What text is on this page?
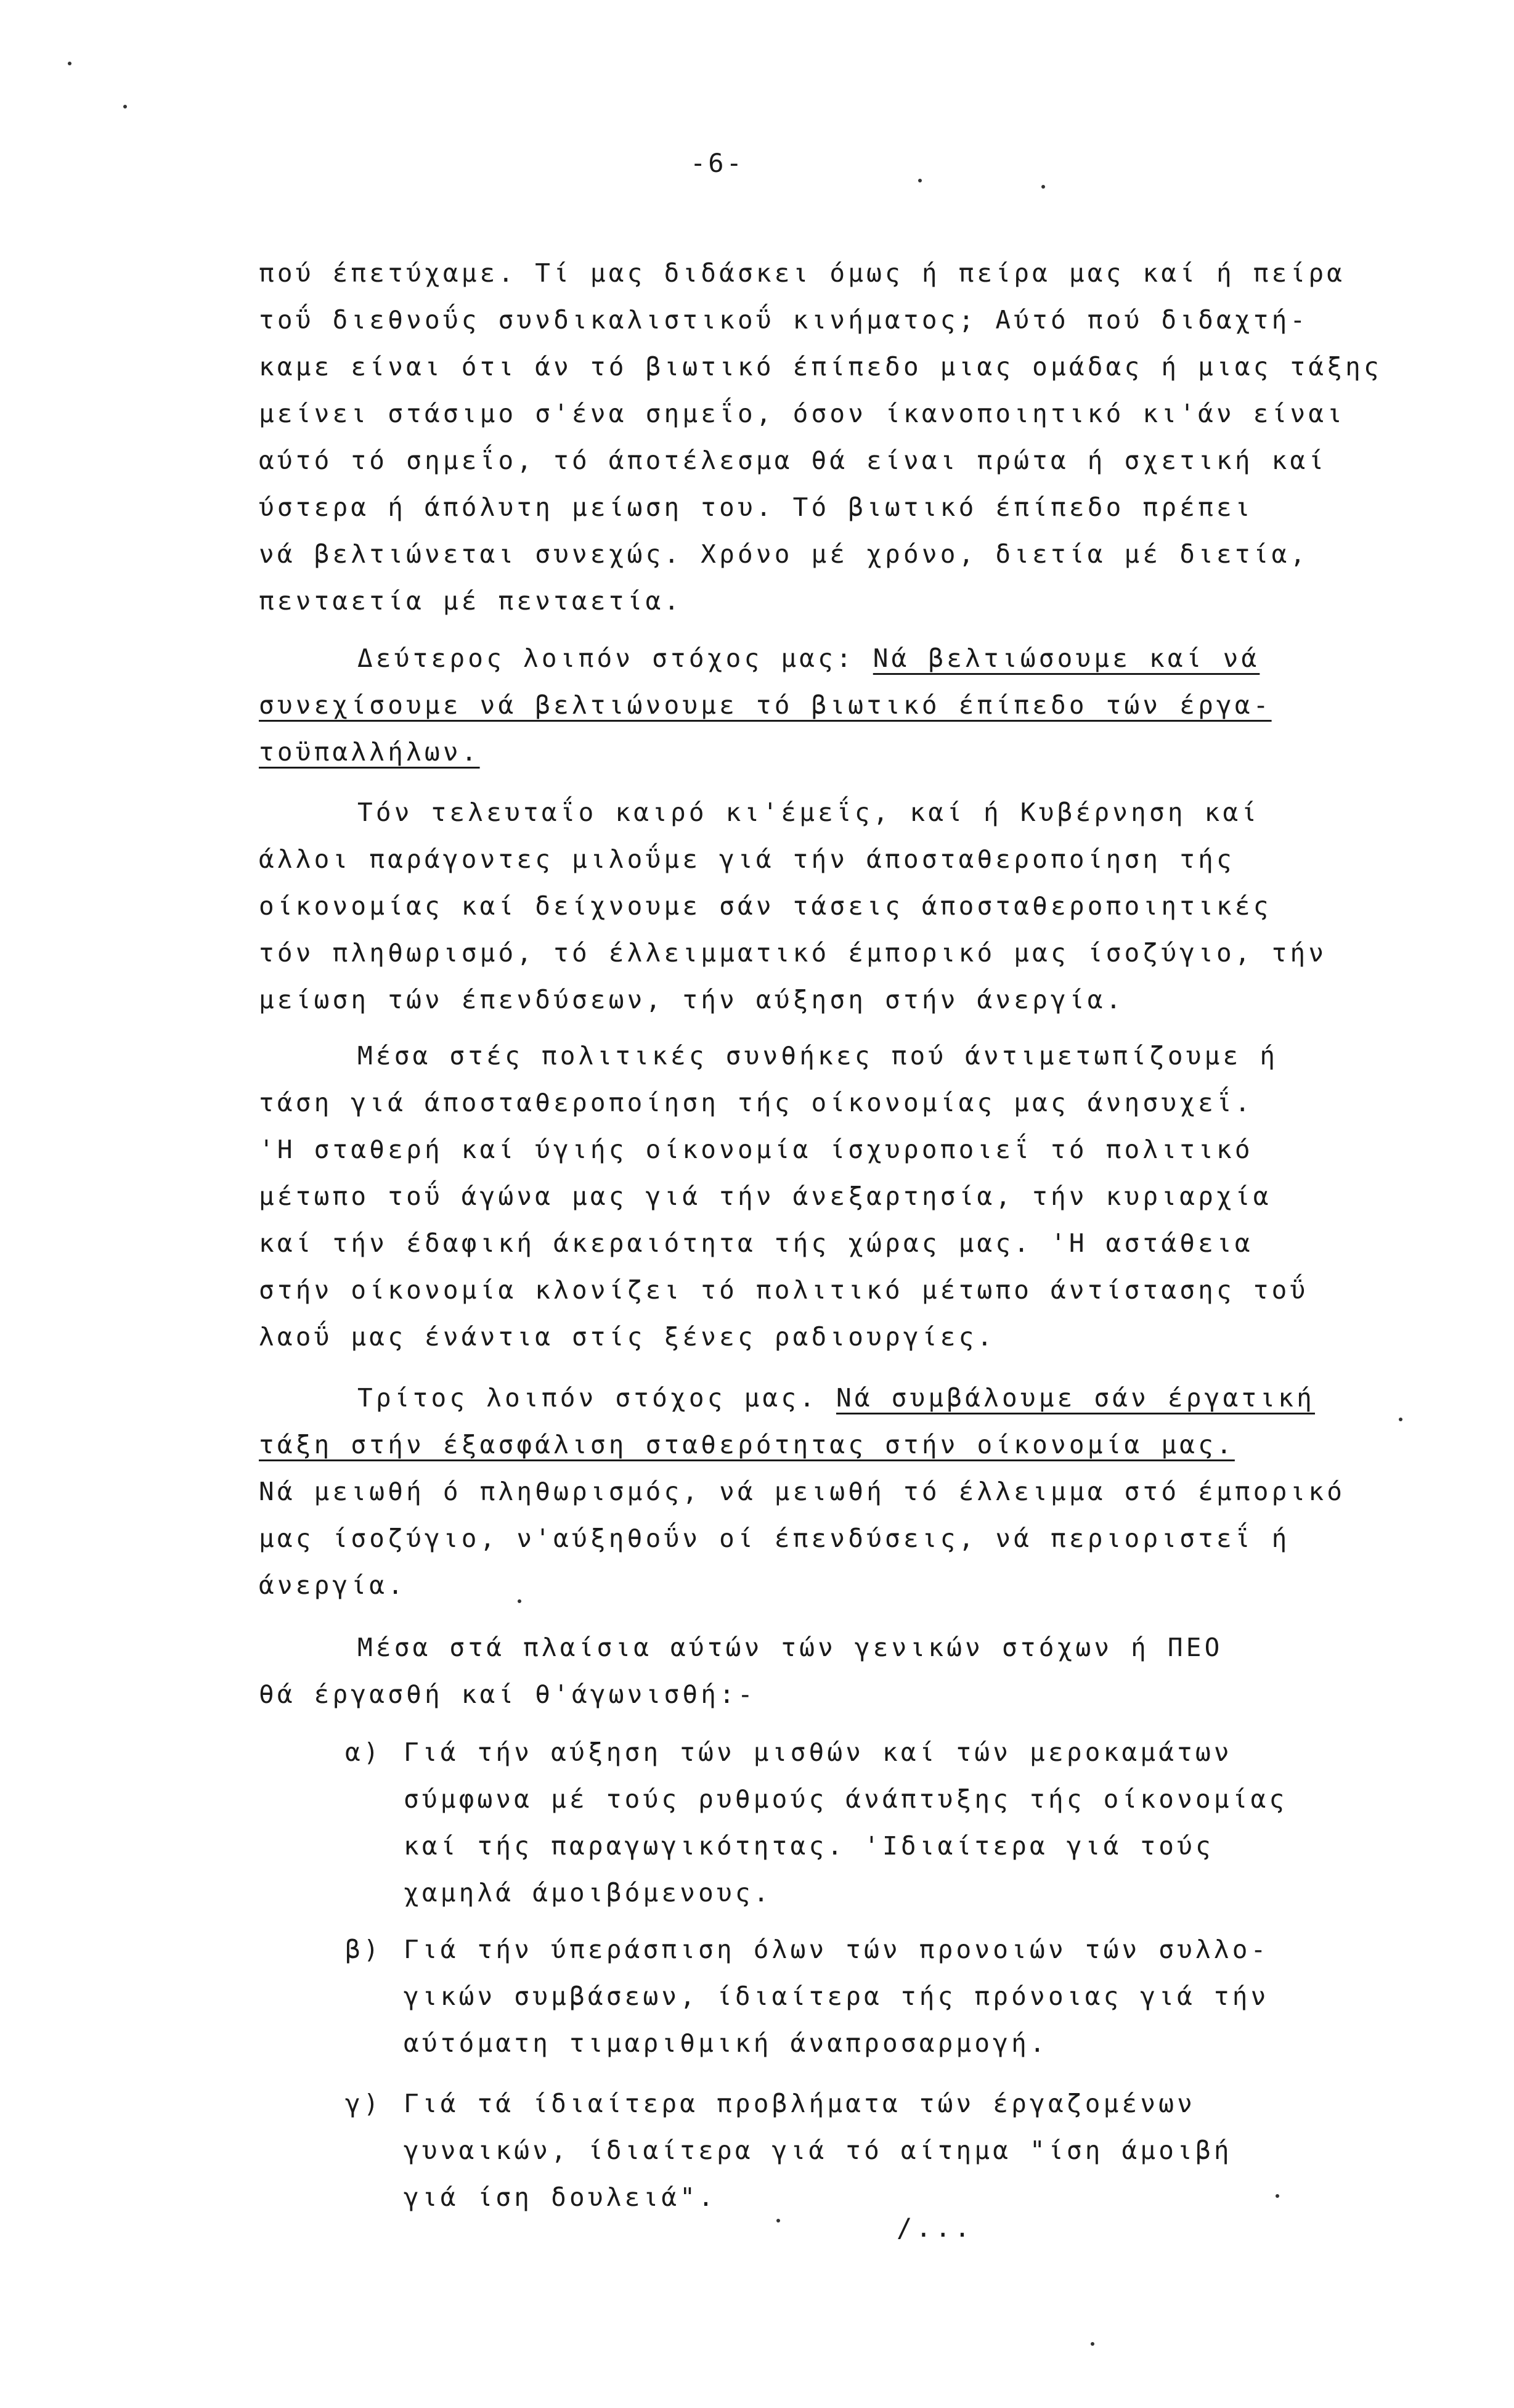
-6-
πού έπετύχαμε. Τί μας διδάσκει όμως ή πείρα μας καί ή πείρα
τοΰ διεθνοΰς συνδικαλιστικοΰ κινήματος; Αύτό πού διδαχτή-
καμε είναι ότι άν τό βιωτικό έπίπεδο μιας ομάδας ή μιας τάξης
μείνει στάσιμο σ'ένα σημεΐο, όσον ίκανοποιητικό κι'άν είναι
αύτό τό σημεΐο, τό άποτέλεσμα θά είναι πρώτα ή σχετική καί
ύστερα ή άπόλυτη μείωση του. Τό βιωτικό έπίπεδο πρέπει
νά βελτιώνεται συνεχώς. Χρόνο μέ χρόνο, διετία μέ διετία,
πενταετία μέ πενταετία.
Δεύτερος λοιπόν στόχος μας: Νά βελτιώσουμε καί νά
συνεχίσουμε νά βελτιώνουμε τό βιωτικό έπίπεδο τών έργα-
τοϋπαλλήλων.
Τόν τελευταΐο καιρό κι'έμεΐς, καί ή Κυβέρνηση καί
άλλοι παράγοντες μιλοΰμε γιά τήν άποσταθεροποίηση τής
οίκονομίας καί δείχνουμε σάν τάσεις άποσταθεροποιητικές
τόν πληθωρισμό, τό έλλειμματικό έμπορικό μας ίσοζύγιο, τήν
μείωση τών έπενδύσεων, τήν αύξηση στήν άνεργία.
Μέσα στές πολιτικές συνθήκες πού άντιμετωπίζουμε ή
τάση γιά άποσταθεροποίηση τής οίκονομίας μας άνησυχεΐ.
'Η σταθερή καί ύγιής οίκονομία ίσχυροποιεΐ τό πολιτικό
μέτωπο τοΰ άγώνα μας γιά τήν άνεξαρτησία, τήν κυριαρχία
καί τήν έδαφική άκεραιότητα τής χώρας μας. 'Η αστάθεια
στήν οίκονομία κλονίζει τό πολιτικό μέτωπο άντίστασης τοΰ
λαοΰ μας ένάντια στίς ξένες ραδιουργίες.
Τρίτος λοιπόν στόχος μας. Νά συμβάλουμε σάν έργατική
τάξη στήν έξασφάλιση σταθερότητας στήν οίκονομία μας.
Νά μειωθή ό πληθωρισμός, νά μειωθή τό έλλειμμα στό έμπορικό
μας ίσοζύγιο, ν'αύξηθοΰν οί έπενδύσεις, νά περιοριστεΐ ή
άνεργία.
Μέσα στά πλαίσια αύτών τών γενικών στόχων ή ΠΕΟ
θά έργασθή καί θ'άγωνισθή:-
α) Γιά τήν αύξηση τών μισθών καί τών μεροκαμάτων
σύμφωνα μέ τούς ρυθμούς άνάπτυξης τής οίκονομίας
καί τής παραγωγικότητας. 'Ιδιαίτερα γιά τούς
χαμηλά άμοιβόμενους.
β) Γιά τήν ύπεράσπιση όλων τών προνοιών τών συλλο-
γικών συμβάσεων, ίδιαίτερα τής πρόνοιας γιά τήν
αύτόματη τιμαριθμική άναπροσαρμογή.
γ) Γιά τά ίδιαίτερα προβλήματα τών έργαζομένων
γυναικών, ίδιαίτερα γιά τό αίτημα "ίση άμοιβή
γιά ίση δουλειά".
/...
